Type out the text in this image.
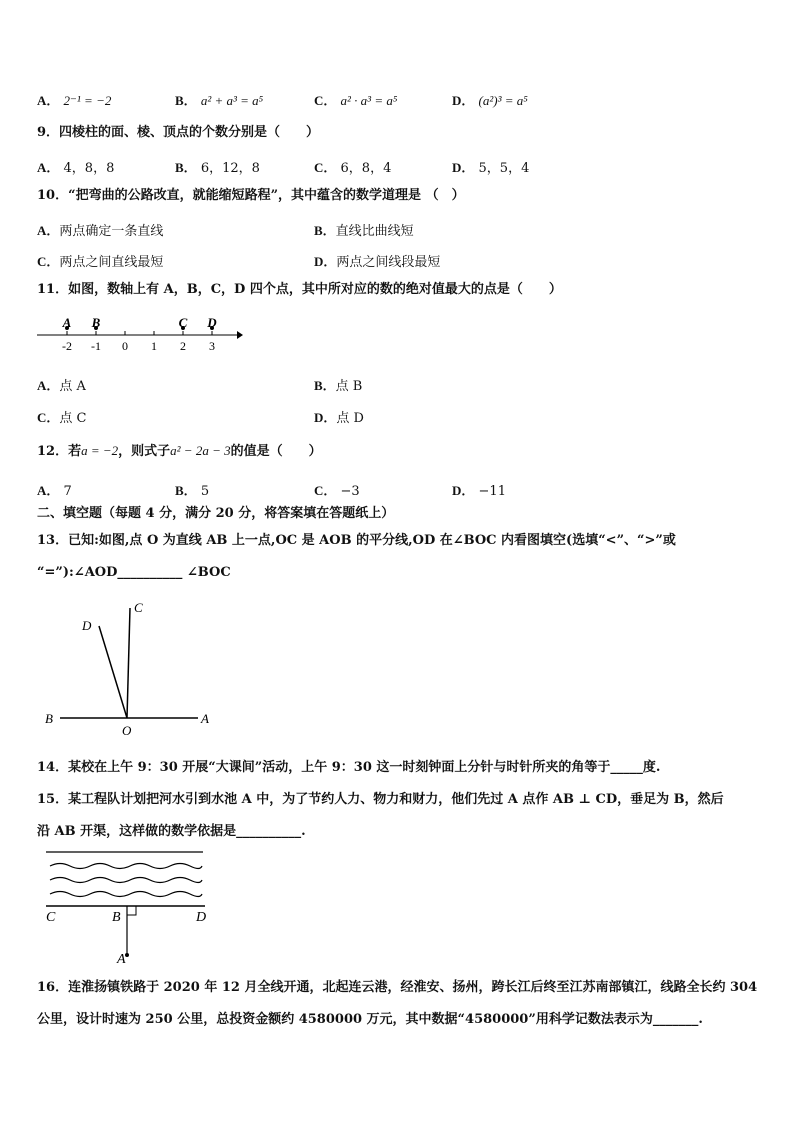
A． 2⁻¹ = −2	B． a² + a³ = a⁵	C． a² · a³ = a⁵	D． (a²)³ = a⁵
9．四棱柱的面、棱、顶点的个数分别是（　　）
A． 4，8，8	B． 6，12，8	C． 6，8，4	D． 5，5，4
10．“把弯曲的公路改直，就能缩短路程”，其中蕴含的数学道理是 （　）
A．两点确定一条直线	B．直线比曲线短
C．两点之间直线最短	D．两点之间线段最短
11．如图，数轴上有 A，B，C，D 四个点，其中所对应的数的绝对值最大的点是（　　）
-2 -1 0 1 2 3
A B	C D
A．点 A	B．点 B
C．点 C	D．点 D
12．若a = −2，则式子a² − 2a − 3的值是（　　）
A． 7	B． 5	C． −3	D． −11
二、填空题（每题 4 分，满分 20 分，将答案填在答题纸上）
13．已知:如图,点 O 为直线 AB 上一点,OC 是 AOB 的平分线,OD 在∠BOC 内看图填空(选填“<”、“>”或
“=”):∠AOD__________ ∠BOC
C
D
B
O
A
14．某校在上午 9：30 开展“大课间”活动，上午 9：30 这一时刻钟面上分针与时针所夹的角等于_____度.
15．某工程队计划把河水引到水池 A 中，为了节约人力、物力和财力，他们先过 A 点作 AB ⊥ CD，垂足为 B，然后
沿 AB 开渠，这样做的数学依据是__________.
C	B	D
A
16．连淮扬镇铁路于 2020 年 12 月全线开通，北起连云港，经淮安、扬州，跨长江后终至江苏南部镇江，线路全长约 304
公里，设计时速为 250 公里，总投资金额约 4580000 万元，其中数据“4580000”用科学记数法表示为_______.
